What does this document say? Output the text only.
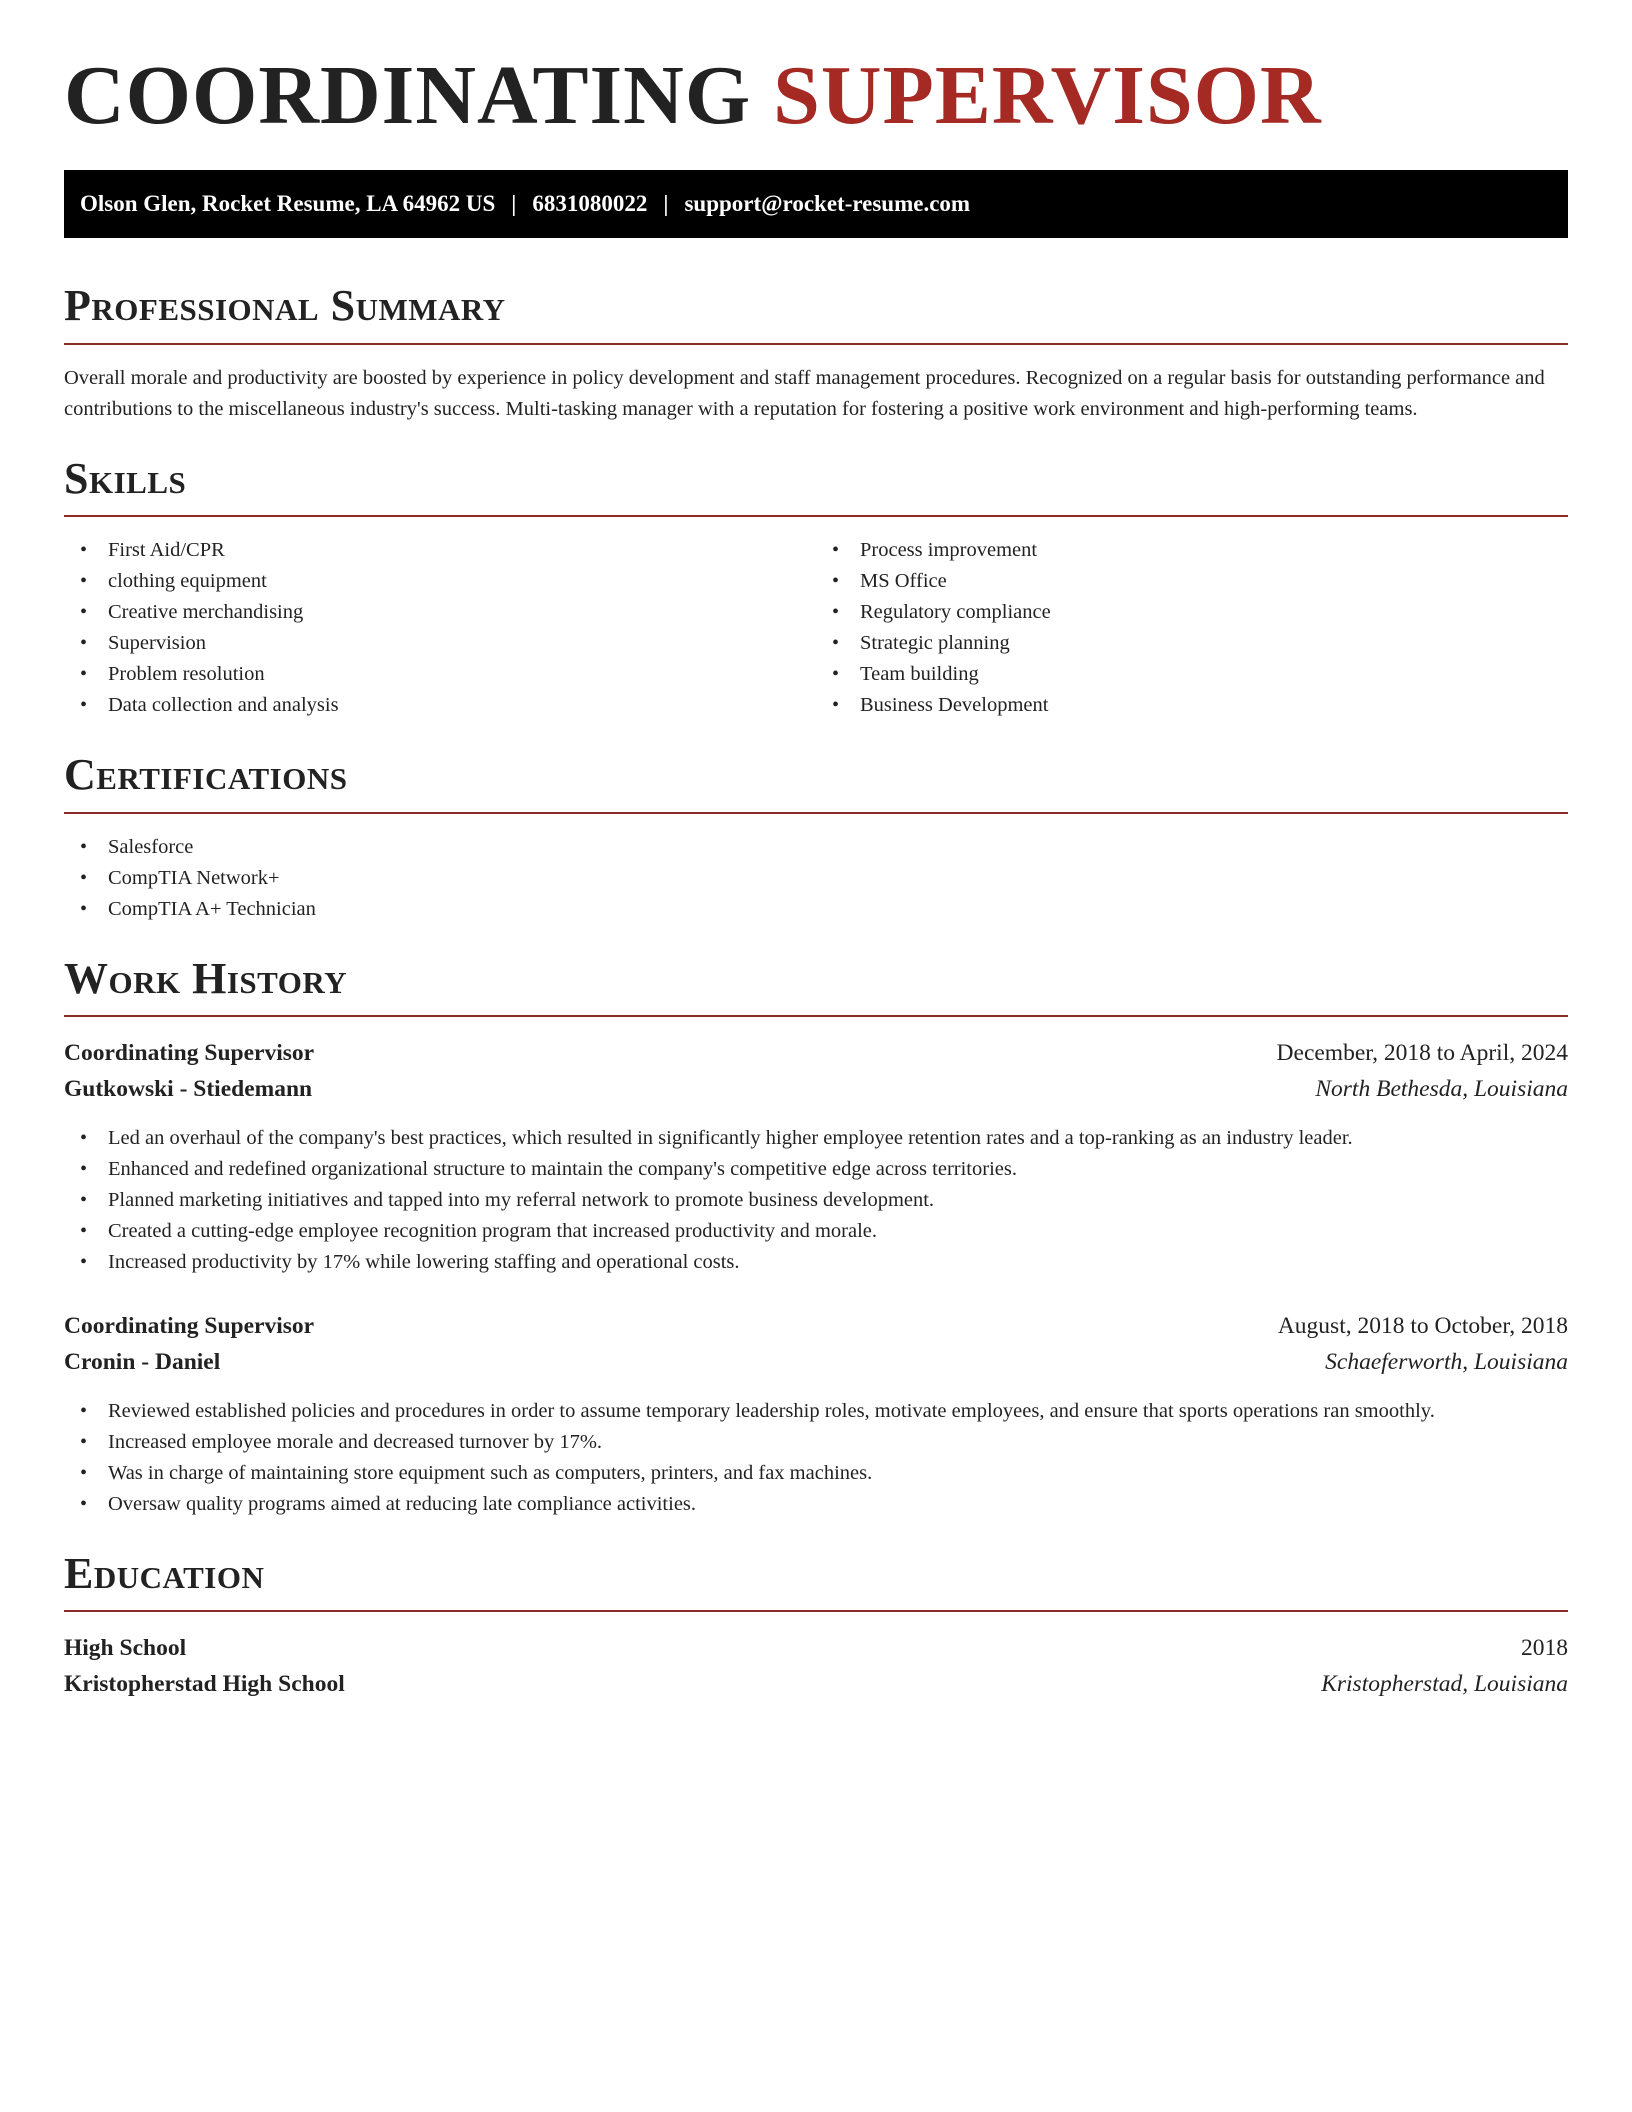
COORDINATING SUPERVISOR
Olson Glen, Rocket Resume, LA 64962 US | 6831080022 | support@rocket-resume.com
Professional Summary

Overall morale and productivity are boosted by experience in policy development and staff management procedures. Recognized on a regular basis for outstanding performance and contributions to the miscellaneous industry's success. Multi-tasking manager with a reputation for fostering a positive work environment and high-performing teams.

Skills
• First Aid/CPR
• clothing equipment
• Creative merchandising
• Supervision
• Problem resolution
• Data collection and analysis
• Process improvement
• MS Office
• Regulatory compliance
• Strategic planning
• Team building
• Business Development
Certifications
• Salesforce
• CompTIA Network+
• CompTIA A+ Technician
Work History
Coordinating Supervisor	December, 2018 to April, 2024
Gutkowski - Stiedemann	North Bethesda, Louisiana
• Led an overhaul of the company's best practices, which resulted in significantly higher employee retention rates and a top-ranking as an industry leader.
• Enhanced and redefined organizational structure to maintain the company's competitive edge across territories.
• Planned marketing initiatives and tapped into my referral network to promote business development.
• Created a cutting-edge employee recognition program that increased productivity and morale.
• Increased productivity by 17% while lowering staffing and operational costs.
Coordinating Supervisor	August, 2018 to October, 2018
Cronin - Daniel	Schaeferworth, Louisiana
• Reviewed established policies and procedures in order to assume temporary leadership roles, motivate employees, and ensure that sports operations ran smoothly.
• Increased employee morale and decreased turnover by 17%.
• Was in charge of maintaining store equipment such as computers, printers, and fax machines.
• Oversaw quality programs aimed at reducing late compliance activities.
Education
High School	2018
Kristopherstad High School	Kristopherstad, Louisiana
